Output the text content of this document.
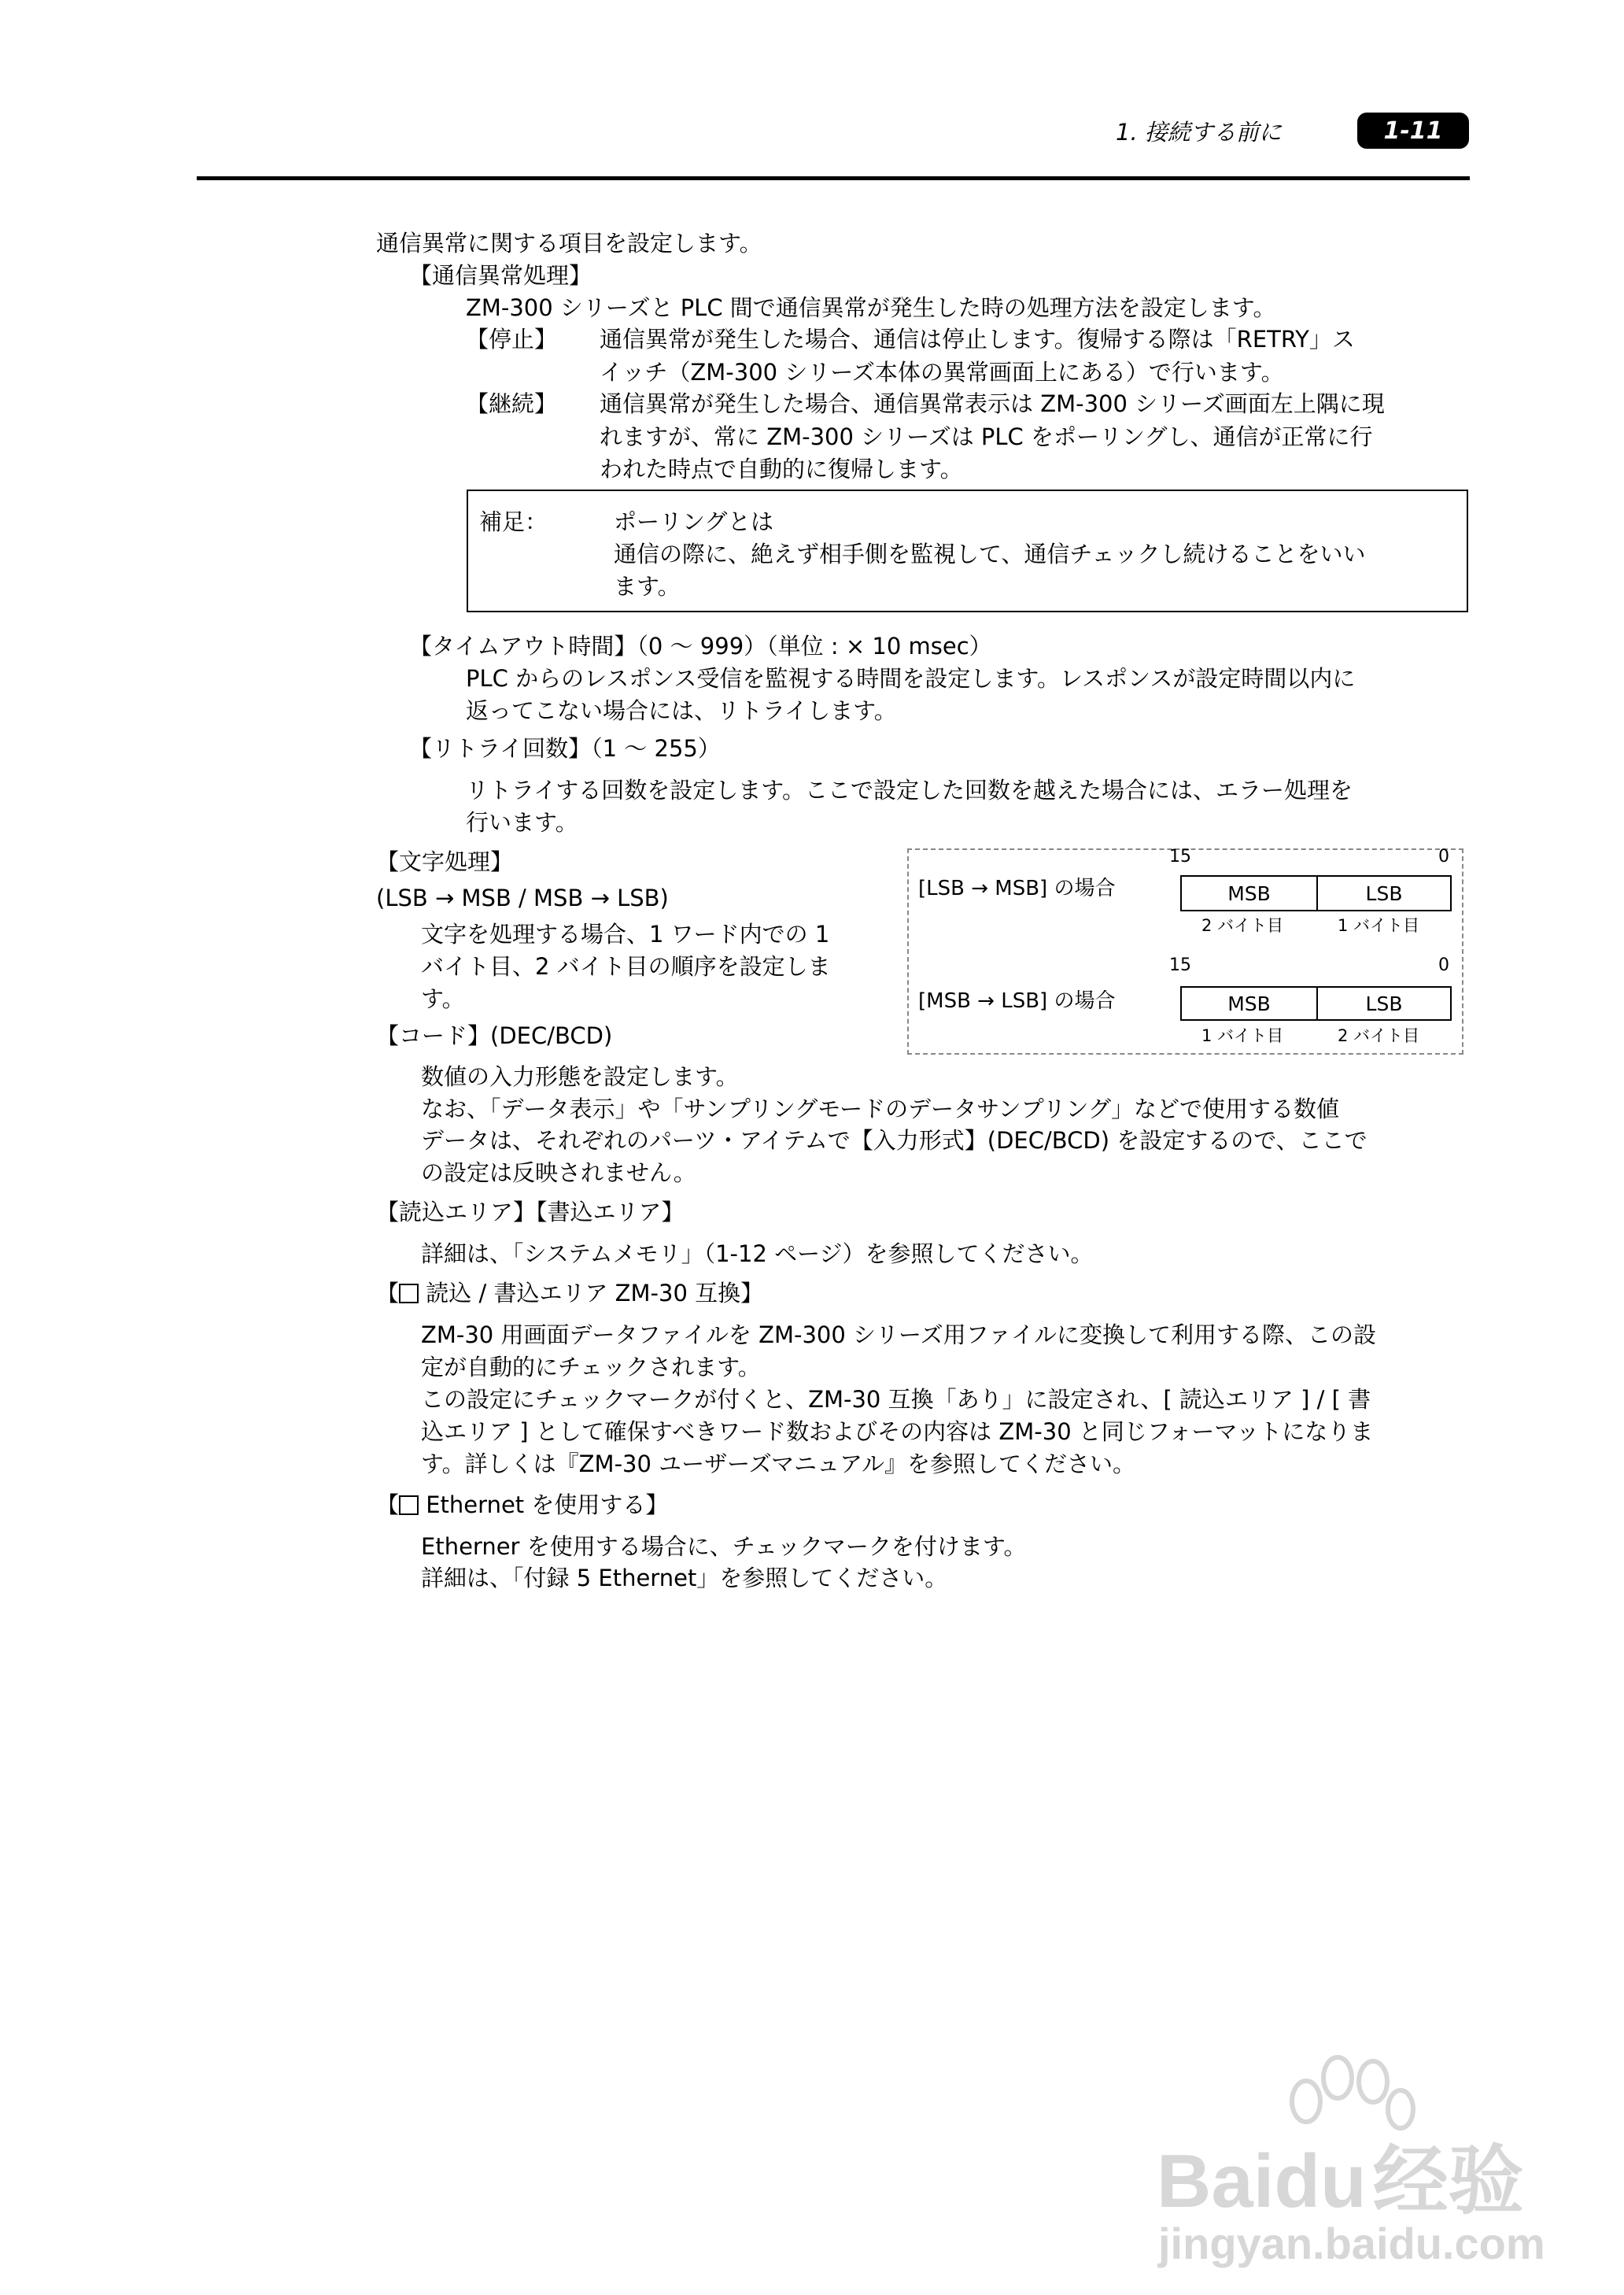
1. 接続する前に	1-11
通信異常に関する項目を設定します。
【通信異常処理】
ZM-300 シリーズと PLC 間で通信異常が発生した時の処理方法を設定します。
【停止】 通信異常が発生した場合、通信は停止します。復帰する際は「RETRY」ス
イッチ（ZM-300 シリーズ本体の異常画面上にある）で行います。
【継続】 通信異常が発生した場合、通信異常表示は ZM-300 シリーズ画面左上隅に現
れますが、常に ZM-300 シリーズは PLC をポーリングし、通信が正常に行
われた時点で自動的に復帰します。
補足：	ポーリングとは
通信の際に、絶えず相手側を監視して、通信チェックし続けることをいい
ます。
【タイムアウト時間】（0 〜 999）（単位 : × 10 msec）
PLC からのレスポンス受信を監視する時間を設定します。レスポンスが設定時間以内に
返ってこない場合には、リトライします。
【リトライ回数】（1 〜 255）
リトライする回数を設定します。ここで設定した回数を越えた場合には、エラー処理を
行います。
【文字処理】
(LSB → MSB / MSB → LSB)
文字を処理する場合、1 ワード内での 1
バイト目、2 バイト目の順序を設定しま
す。
15	0
[LSB → MSB] の場合	MSB	LSB
2 バイト目	1 バイト目
15	0
[MSB → LSB] の場合	MSB	LSB
1 バイト目	2 バイト目
【コード】(DEC/BCD)
数値の入力形態を設定します。
なお、「データ表示」や「サンプリングモードのデータサンプリング」などで使用する数値
データは、それぞれのパーツ・アイテムで【入力形式】(DEC/BCD) を設定するので、ここで
の設定は反映されません。
【読込エリア】【書込エリア】
詳細は、「システムメモリ」（1-12 ページ）を参照してください。
【 読込 / 書込エリア ZM-30 互換】
ZM-30 用画面データファイルを ZM-300 シリーズ用ファイルに変換して利用する際、この設
定が自動的にチェックされます。
この設定にチェックマークが付くと、ZM-30 互換「あり」に設定され、[ 読込エリア ] / [ 書
込エリア ] として確保すべきワード数およびその内容は ZM-30 と同じフォーマットになりま
す。詳しくは『ZM-30 ユーザーズマニュアル』を参照してください。
【 Ethernet を使用する】
Etherner を使用する場合に、チェックマークを付けます。
詳細は、「付録 5 Ethernet」を参照してください。
Baidu经验
jingyan.baidu.com
